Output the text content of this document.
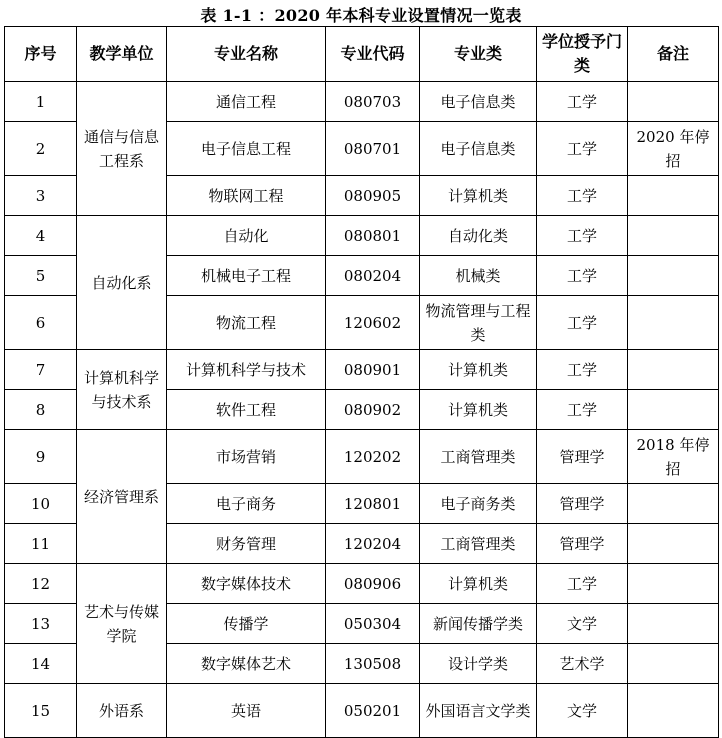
表 1-1 ：2020 年本科专业设置情况一览表
序号	教学单位	专业名称	专业代码	专业类	学位授予门类	备注
1	通信与信息工程系	通信工程	080703	电子信息类	工学	
2		电子信息工程	080701	电子信息类	工学	2020 年停招
3		物联网工程	080905	计算机类	工学	
4	自动化系	自动化	080801	自动化类	工学	
5		机械电子工程	080204	机械类	工学	
6		物流工程	120602	物流管理与工程类	工学	
7	计算机科学与技术系	计算机科学与技术	080901	计算机类	工学	
8		软件工程	080902	计算机类	工学	
9	经济管理系	市场营销	120202	工商管理类	管理学	2018 年停招
10		电子商务	120801	电子商务类	管理学	
11		财务管理	120204	工商管理类	管理学	
12	艺术与传媒学院	数字媒体技术	080906	计算机类	工学	
13		传播学	050304	新闻传播学类	文学	
14		数字媒体艺术	130508	设计学类	艺术学	
15	外语系	英语	050201	外国语言文学类	文学	
